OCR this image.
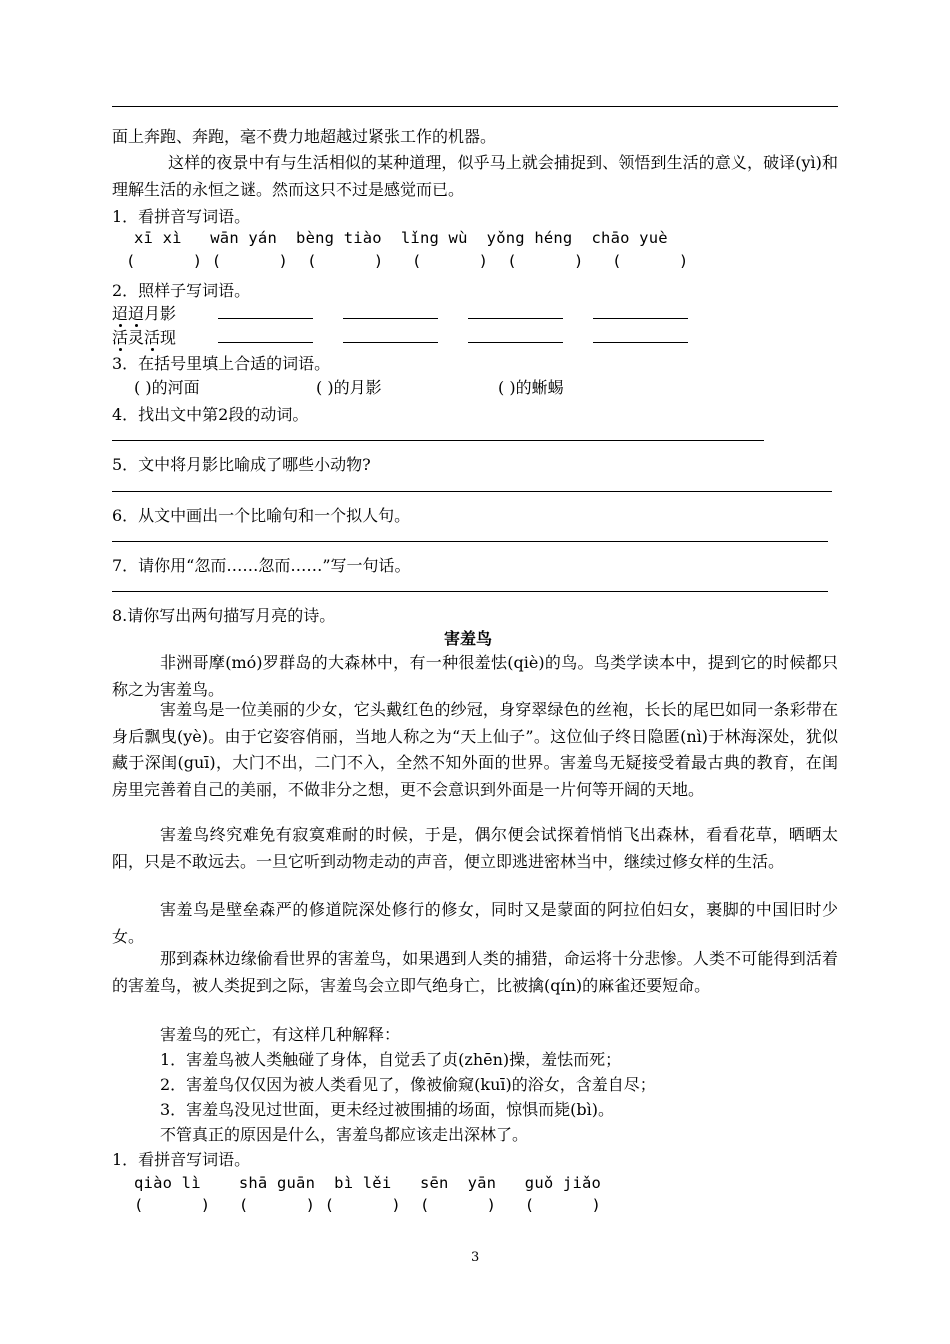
面上奔跑、奔跑，毫不费力地超越过紧张工作的机器。
这样的夜景中有与生活相似的某种道理，似乎马上就会捕捉到、领悟到生活的意义，破译(yì)和理解生活的永恒之谜。然而这只不过是感觉而已。
1．看拼音写词语。
xī xì   wān yán  bèng tiào  lǐng wù  yǒng héng  chāo yuè
(      ) (      )  (      )   (      )  (      )   (      )
2．照样子写词语。
迢迢月影
活灵活现
3．在括号里填上合适的词语。
( )的河面	( )的月影	( )的蜥蜴
4．找出文中第2段的动词。
5．文中将月影比喻成了哪些小动物?
6．从文中画出一个比喻句和一个拟人句。
7．请你用“忽而……忽而……”写一句话。
8.请你写出两句描写月亮的诗。
害羞鸟
非洲哥摩(mó)罗群岛的大森林中，有一种很羞怯(qiè)的鸟。鸟类学读本中，提到它的时候都只称之为害羞鸟。
害羞鸟是一位美丽的少女，它头戴红色的纱冠，身穿翠绿色的丝袍，长长的尾巴如同一条彩带在身后飘曳(yè)。由于它姿容俏丽，当地人称之为“天上仙子”。这位仙子终日隐匿(nì)于林海深处，犹似藏于深闺(guī)，大门不出，二门不入，全然不知外面的世界。害羞鸟无疑接受着最古典的教育，在闺房里完善着自己的美丽，不做非分之想，更不会意识到外面是一片何等开阔的天地。
害羞鸟终究难免有寂寞难耐的时候，于是，偶尔便会试探着悄悄飞出森林，看看花草，晒晒太阳，只是不敢远去。一旦它听到动物走动的声音，便立即逃进密林当中，继续过修女样的生活。
害羞鸟是壁垒森严的修道院深处修行的修女，同时又是蒙面的阿拉伯妇女，裹脚的中国旧时少女。
那到森林边缘偷看世界的害羞鸟，如果遇到人类的捕猎，命运将十分悲惨。人类不可能得到活着的害羞鸟，被人类捉到之际，害羞鸟会立即气绝身亡，比被擒(qín)的麻雀还要短命。
害羞鸟的死亡，有这样几种解释：
1．害羞鸟被人类触碰了身体，自觉丢了贞(zhēn)操，羞怯而死；
2．害羞鸟仅仅因为被人类看见了，像被偷窥(kuī)的浴女，含羞自尽；
3．害羞鸟没见过世面，更未经过被围捕的场面，惊惧而毙(bì)。
不管真正的原因是什么，害羞鸟都应该走出深林了。
1．看拼音写词语。
qiào lì    shā guān  bì lěi   sēn  yān   guǒ jiǎo
(      )   (      ) (      )  (      )   (      )
3
